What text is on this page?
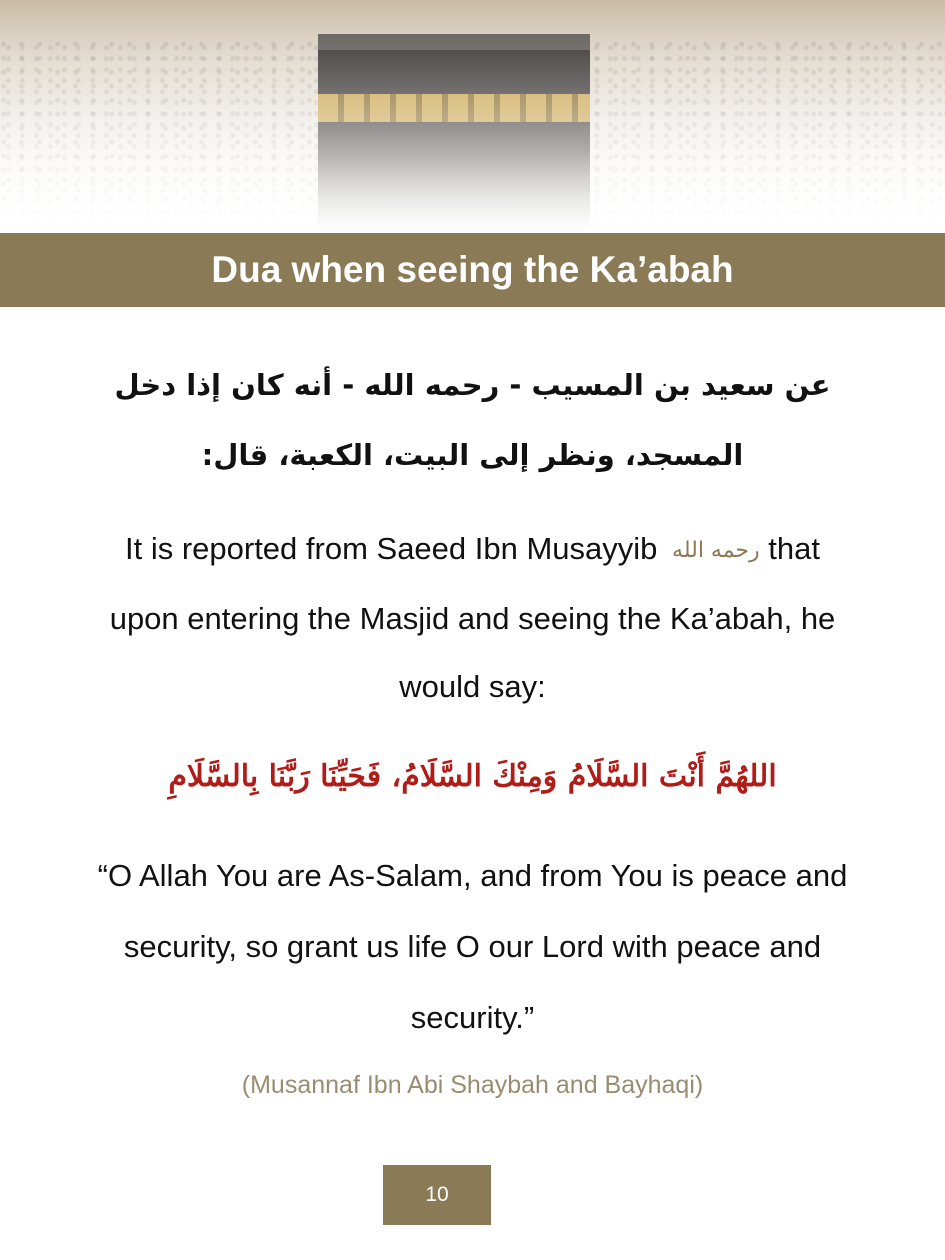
Dua when seeing the Ka’abah
عن سعيد بن المسيب - رحمه الله - أنه كان إذا دخل المسجد، ونظر إلى البيت، الكعبة، قال:
It is reported from Saeed Ibn Musayyib رحمه الله that upon entering the Masjid and seeing the Ka’abah, he would say:
اللهُمَّ أَنْتَ السَّلَامُ وَمِنْكَ السَّلَامُ، فَحَيِّنَا رَبَّنَا بِالسَّلَامِ
“O Allah You are As-Salam, and from You is peace and security, so grant us life O our Lord with peace and security.”
(Musannaf Ibn Abi Shaybah and Bayhaqi)
10
